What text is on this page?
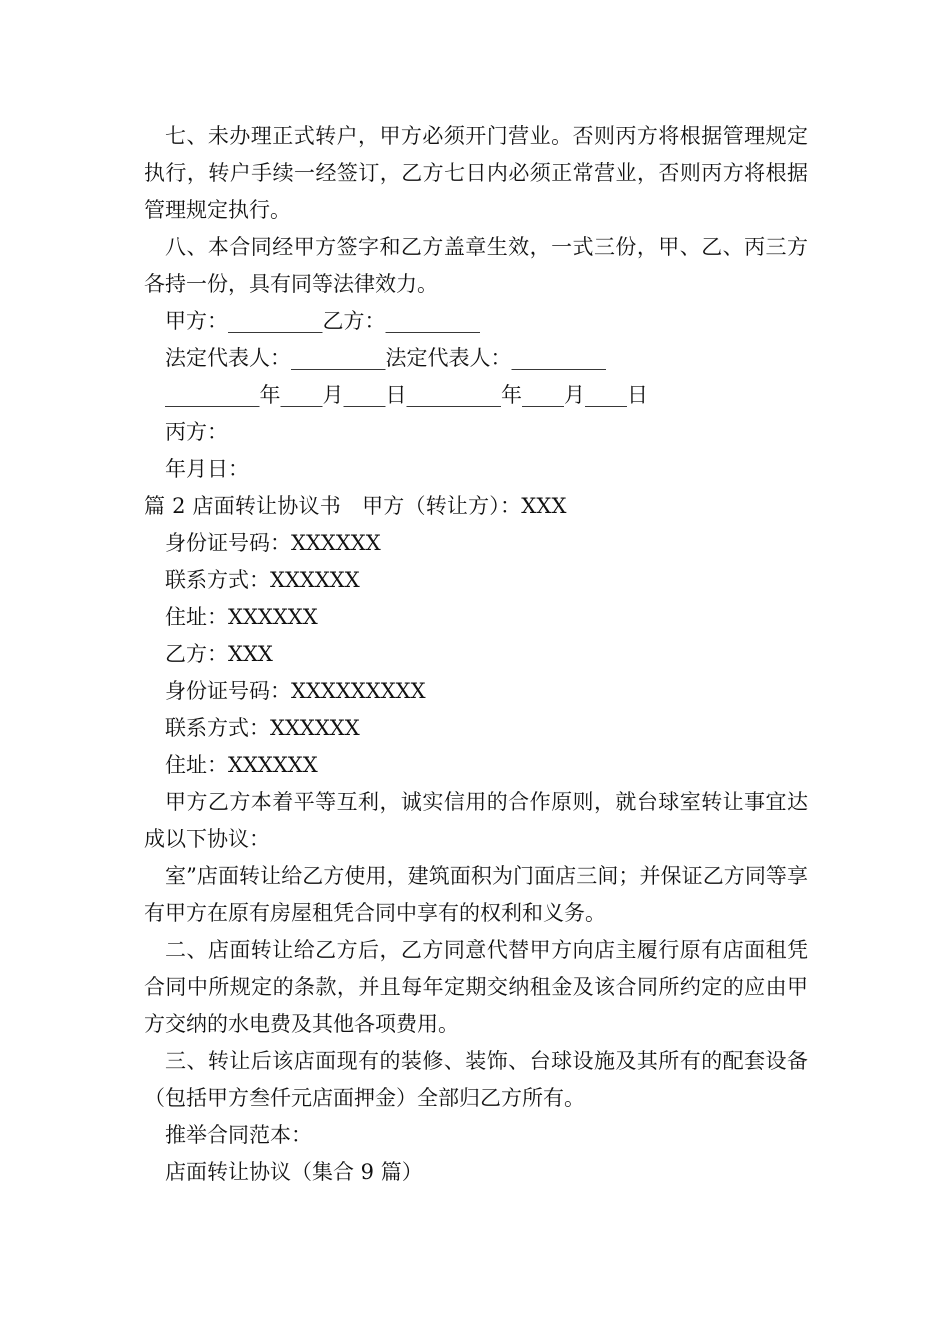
七、未办理正式转户，甲方必须开门营业。否则丙方将根据管理规定执行，转户手续一经签订，乙方七日内必须正常营业，否则丙方将根据管理规定执行。

八、本合同经甲方签字和乙方盖章生效，一式三份，甲、乙、丙三方各持一份，具有同等法律效力。

甲方：_________乙方：_________

法定代表人：_________法定代表人：_________

_________年____月____日_________年____月____日

丙方：

年月日：

篇 2 店面转让协议书　甲方（转让方）：XXX

身份证号码：XXXXXX

联系方式：XXXXXX

住址：XXXXXX

乙方：XXX

身份证号码：XXXXXXXXX

联系方式：XXXXXX

住址：XXXXXX

甲方乙方本着平等互利，诚实信用的合作原则，就台球室转让事宜达成以下协议：

室”店面转让给乙方使用，建筑面积为门面店三间；并保证乙方同等享有甲方在原有房屋租凭合同中享有的权利和义务。

二、店面转让给乙方后，乙方同意代替甲方向店主履行原有店面租凭合同中所规定的条款，并且每年定期交纳租金及该合同所约定的应由甲方交纳的水电费及其他各项费用。

三、转让后该店面现有的装修、装饰、台球设施及其所有的配套设备（包括甲方叁仟元店面押金）全部归乙方所有。

推举合同范本：

店面转让协议（集合 9 篇）
